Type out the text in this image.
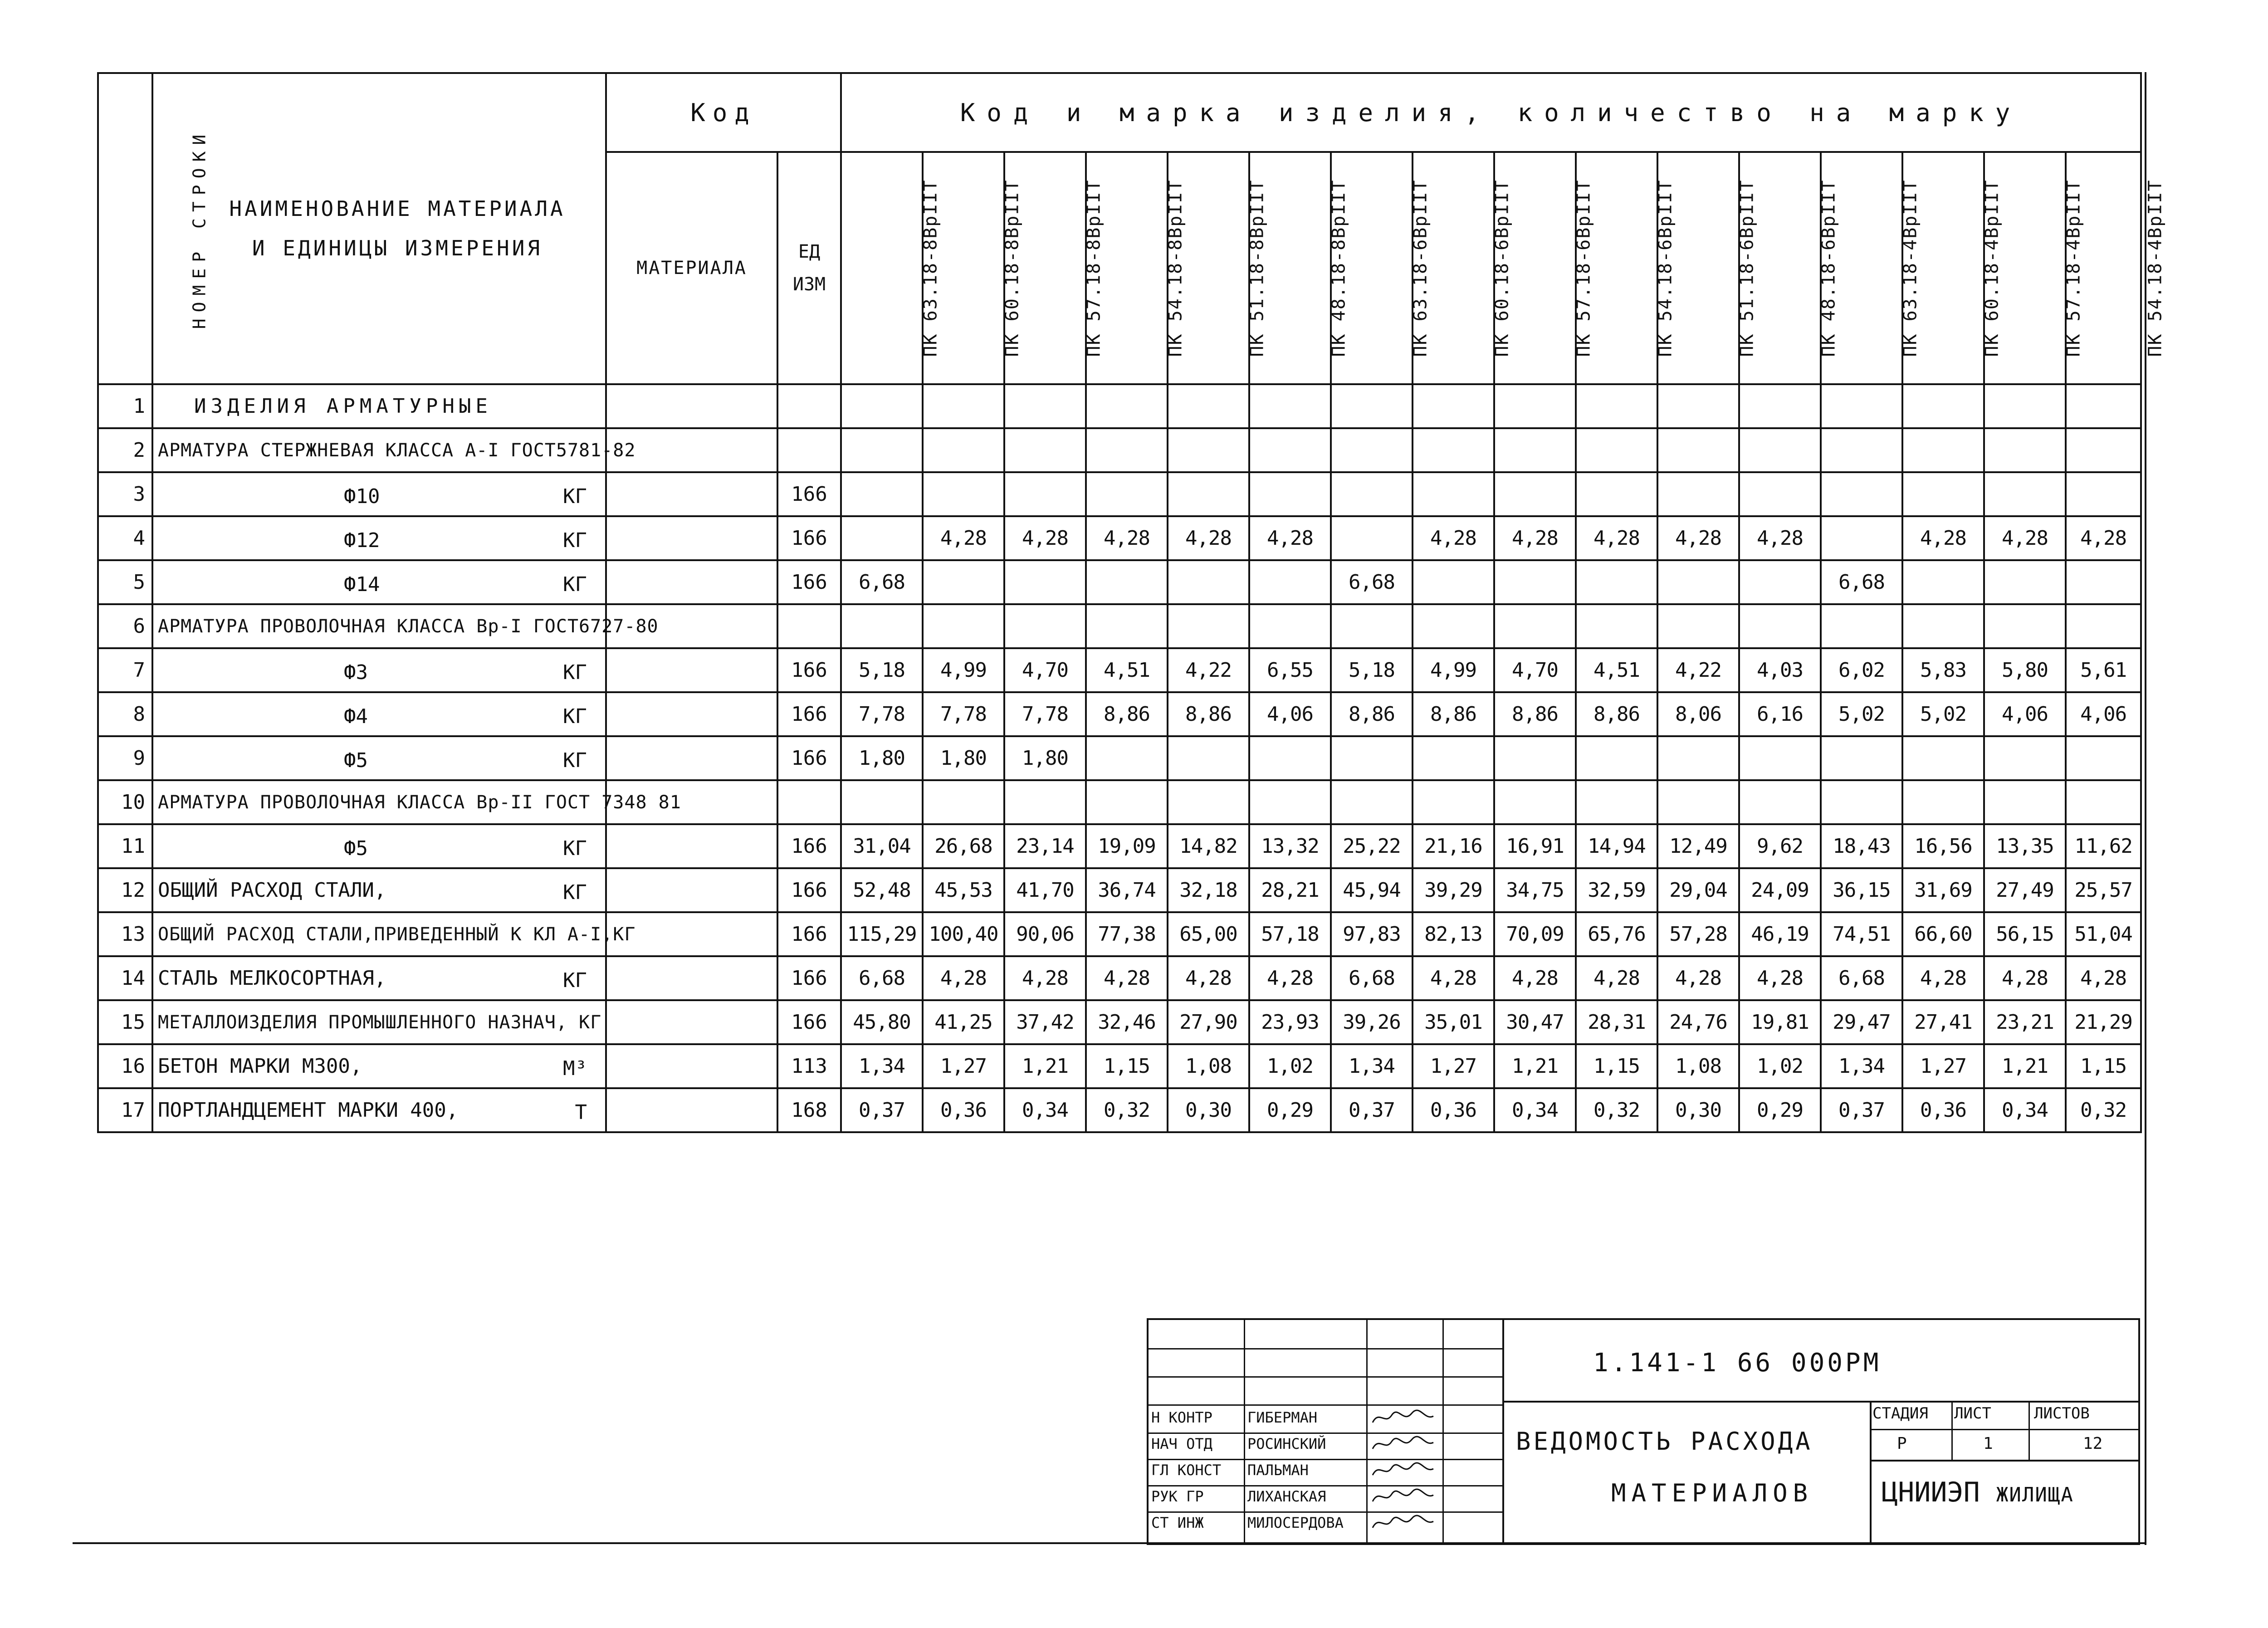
НОМЕР СТРОКИ	НАИМЕНОВАНИЕ МАТЕРИАЛА
И ЕДИНИЦЫ ИЗМЕРЕНИЯ	Код		Код и марка изделия, количество на марку															
		МАТЕРИАЛА	ЕД
ИЗМ	ПК 63.18-8ВрIIТ	ПК 60.18-8ВрIIТ	ПК 57.18-8ВрIIТ	ПК 54.18-8ВрIIТ	ПК 51.18-8ВрIIТ	ПК 48.18-8ВрIIТ	ПК 63.18-6ВрIIТ	ПК 60.18-6ВрIIТ	ПК 57.18-6ВрIIТ	ПК 54.18-6ВрIIТ	ПК 51.18-6ВрIIТ	ПК 48.18-6ВрIIТ	ПК 63.18-4ВрIIТ	ПК 60.18-4ВрIIТ	ПК 57.18-4ВрIIТ	ПК 54.18-4ВрIIТ
1	ИЗДЕЛИЯ АРМАТУРНЫЕ																		
2	АРМАТУРА СТЕРЖНЕВАЯ КЛАССА А-I ГОСТ5781-82																		
3	Ф10 КГ		166																
4	Ф12 КГ		166		4,28	4,28	4,28	4,28	4,28		4,28	4,28	4,28	4,28	4,28		4,28	4,28	4,28
5	Ф14 КГ		166	6,68						6,68						6,68			
6	АРМАТУРА ПРОВОЛОЧНАЯ КЛАССА Вр-I ГОСТ6727-80																		
7	Ф3 КГ		166	5,18	4,99	4,70	4,51	4,22	6,55	5,18	4,99	4,70	4,51	4,22	4,03	6,02	5,83	5,80	5,61
8	Ф4 КГ		166	7,78	7,78	7,78	8,86	8,86	4,06	8,86	8,86	8,86	8,86	8,06	6,16	5,02	5,02	4,06	4,06
9	Ф5 КГ		166	1,80	1,80	1,80													
10	АРМАТУРА ПРОВОЛОЧНАЯ КЛАССА Вр-II ГОСТ 7348 81																		
11	Ф5 КГ		166	31,04	26,68	23,14	19,09	14,82	13,32	25,22	21,16	16,91	14,94	12,49	9,62	18,43	16,56	13,35	11,62
12	ОБЩИЙ РАСХОД СТАЛИ, КГ		166	52,48	45,53	41,70	36,74	32,18	28,21	45,94	39,29	34,75	32,59	29,04	24,09	36,15	31,69	27,49	25,57
13	ОБЩИЙ РАСХОД СТАЛИ,ПРИВЕДЕННЫЙ К КЛ А-I,КГ		166	115,29	100,40	90,06	77,38	65,00	57,18	97,83	82,13	70,09	65,76	57,28	46,19	74,51	66,60	56,15	51,04
14	СТАЛЬ МЕЛКОСОРТНАЯ, КГ		166	6,68	4,28	4,28	4,28	4,28	4,28	6,68	4,28	4,28	4,28	4,28	4,28	6,68	4,28	4,28	4,28
15	МЕТАЛЛОИЗДЕЛИЯ ПРОМЫШЛЕННОГО НАЗНАЧ, КГ		166	45,80	41,25	37,42	32,46	27,90	23,93	39,26	35,01	30,47	28,31	24,76	19,81	29,47	27,41	23,21	21,29
16	БЕТОН МАРКИ М300, М³		113	1,34	1,27	1,21	1,15	1,08	1,02	1,34	1,27	1,21	1,15	1,08	1,02	1,34	1,27	1,21	1,15
17	ПОРТЛАНДЦЕМЕНТ МАРКИ 400, Т		168	0,37	0,36	0,34	0,32	0,30	0,29	0,37	0,36	0,34	0,32	0,30	0,29	0,37	0,36	0,34	0,32
Н КОНТР ГИБЕРМАН
НАЧ ОТД РОСИНСКИЙ
ГЛ КОНСТ ПАЛЬМАН
РУК ГР	ЛИХАНСКАЯ
СТ ИНЖ	МИЛОСЕРДОВА
1.141-1 66 000РМ
ВЕДОМОСТЬ РАСХОДА
МАТЕРИАЛОВ
СТАДИЯ ЛИСТ	ЛИСТОВ
Р	1	12
ЦНИИЭП ЖИЛИЩА
